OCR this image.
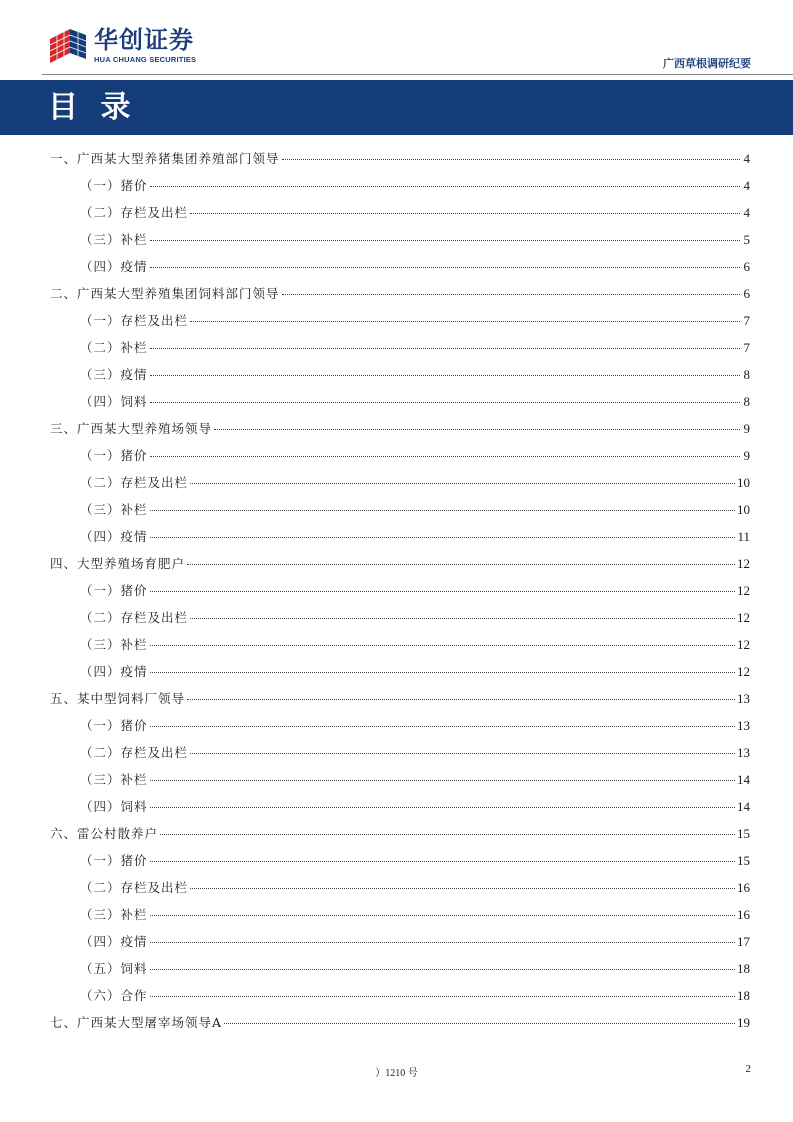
华创证券
HUA CHUANG SECURITIES	广西草根调研纪要
目 录
一、广西某大型养猪集团养殖部门领导	4
（一）猪价	4
（二）存栏及出栏	4
（三）补栏	5
（四）疫情	6
二、广西某大型养殖集团饲料部门领导	6
（一）存栏及出栏	7
（二）补栏	7
（三）疫情	8
（四）饲料	8
三、广西某大型养殖场领导	9
（一）猪价	9
（二）存栏及出栏	10
（三）补栏	10
（四）疫情	11
四、大型养殖场育肥户	12
（一）猪价	12
（二）存栏及出栏	12
（三）补栏	12
（四）疫情	12
五、某中型饲料厂领导	13
（一）猪价	13
（二）存栏及出栏	13
（三）补栏	14
（四）饲料	14
六、雷公村散养户	15
（一）猪价	15
（二）存栏及出栏	16
（三）补栏	16
（四）疫情	17
（五）饲料	18
（六）合作	18
七、广西某大型屠宰场领导A	19
）1210 号	2
